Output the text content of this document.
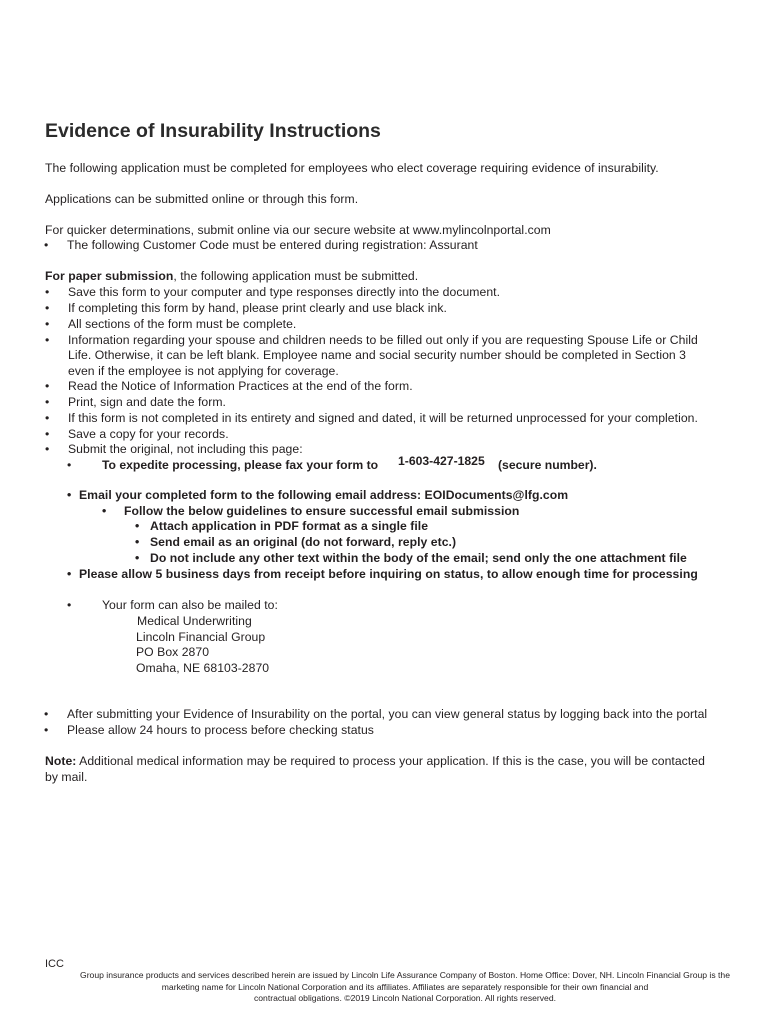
Evidence of Insurability Instructions
The following application must be completed for employees who elect coverage requiring evidence of insurability.
Applications can be submitted online or through this form.
For quicker determinations, submit online via our secure website at www.mylincolnportal.com
• The following Customer Code must be entered during registration: Assurant
For paper submission, the following application must be submitted.
• Save this form to your computer and type responses directly into the document.
• If completing this form by hand, please print clearly and use black ink.
• All sections of the form must be complete.
• Information regarding your spouse and children needs to be filled out only if you are requesting Spouse Life or Child
Life. Otherwise, it can be left blank. Employee name and social security number should be completed in Section 3
even if the employee is not applying for coverage.
• Read the Notice of Information Practices at the end of the form.
• Print, sign and date the form.
• If this form is not completed in its entirety and signed and dated, it will be returned unprocessed for your completion.
• Save a copy for your records.
• Submit the original, not including this page:
•	To expedite processing, please fax your form to 1-603-427-1825 (secure number).
• Email your completed form to the following email address: EOIDocuments@lfg.com
• Follow the below guidelines to ensure successful email submission
• Attach application in PDF format as a single file
• Send email as an original (do not forward, reply etc.)
• Do not include any other text within the body of the email; send only the one attachment file
• Please allow 5 business days from receipt before inquiring on status, to allow enough time for processing
•	Your form can also be mailed to:
Medical Underwriting
Lincoln Financial Group
PO Box 2870
Omaha, NE 68103-2870
• After submitting your Evidence of Insurability on the portal, you can view general status by logging back into the portal
• Please allow 24 hours to process before checking status
Note: Additional medical information may be required to process your application. If this is the case, you will be contacted
by mail.
ICC
Group insurance products and services described herein are issued by Lincoln Life Assurance Company of Boston. Home Office: Dover, NH. Lincoln Financial Group is the
marketing name for Lincoln National Corporation and its affiliates. Affiliates are separately responsible for their own financial and
contractual obligations. ©2019 Lincoln National Corporation. All rights reserved.
